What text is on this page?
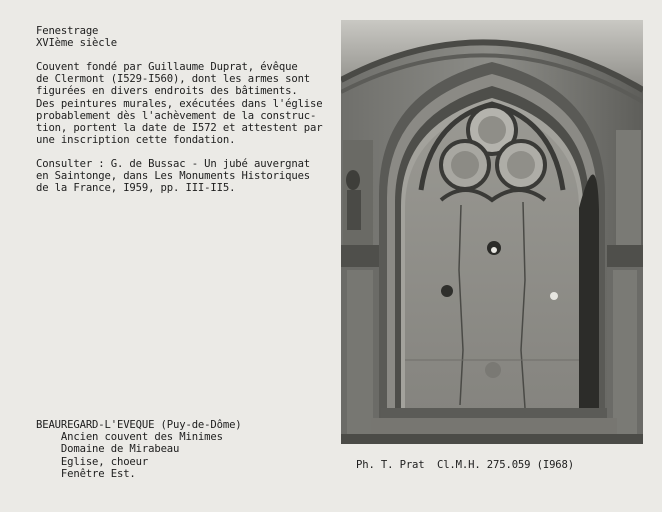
Fenestrage
XVIème siècle
Couvent fondé par Guillaume Duprat, évêque
de Clermont (I529-I560), dont les armes sont
figurées en divers endroits des bâtiments.
Des peintures murales, exécutées dans l'église
probablement dès l'achèvement de la construc-
tion, portent la date de I572 et attestent par
une inscription cette fondation.
Consulter : G. de Bussac - Un jubé auvergnat
en Saintonge, dans Les Monuments Historiques
de la France, I959, pp. III-II5.
BEAUREGARD-L'EVEQUE (Puy-de-Dôme)
Ancien couvent des Minimes
Domaine de Mirabeau
Eglise, choeur
Fenêtre Est.
Ph. T. Prat  Cl.M.H. 275.059 (I968)
